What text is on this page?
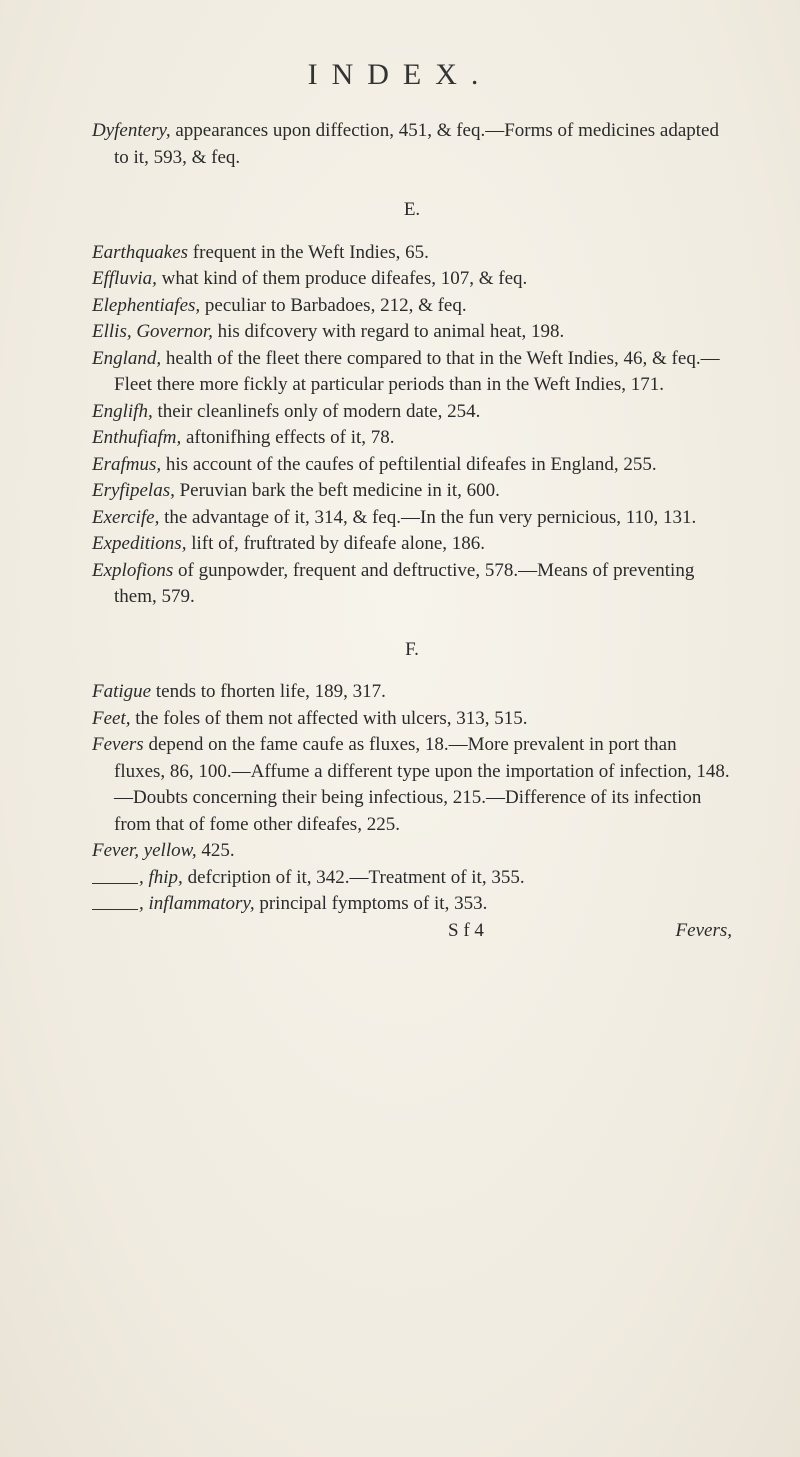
INDEX.

Dyfentery, appearances upon diffection, 451, & feq.—Forms of medicines adapted to it, 593, & feq.

E.

Earthquakes frequent in the Weft Indies, 65.

Effluvia, what kind of them produce difeafes, 107, & feq.

Elephentiafes, peculiar to Barbadoes, 212, & feq.

Ellis, Governor, his difcovery with regard to animal heat, 198.

England, health of the fleet there compared to that in the Weft Indies, 46, & feq.—Fleet there more fickly at particular periods than in the Weft Indies, 171.

Englifh, their cleanlinefs only of modern date, 254.

Enthufiafm, aftonifhing effects of it, 78.

Erafmus, his account of the caufes of peftilential difeafes in England, 255.

Eryfipelas, Peruvian bark the beft medicine in it, 600.

Exercife, the advantage of it, 314, & feq.—In the fun very pernicious, 110, 131.

Expeditions, lift of, fruftrated by difeafe alone, 186.

Explofions of gunpowder, frequent and deftructive, 578.—Means of preventing them, 579.

F.

Fatigue tends to fhorten life, 189, 317.

Feet, the foles of them not affected with ulcers, 313, 515.

Fevers depend on the fame caufe as fluxes, 18.—More prevalent in port than fluxes, 86, 100.—Affume a different type upon the importation of infection, 148.—Doubts concerning their being infectious, 215.—Difference of its infection from that of fome other difeafes, 225.

Fever, yellow, 425.

, fhip, defcription of it, 342.—Treatment of it, 355.

, inflammatory, principal fymptoms of it, 353.

S f 4	Fevers,
